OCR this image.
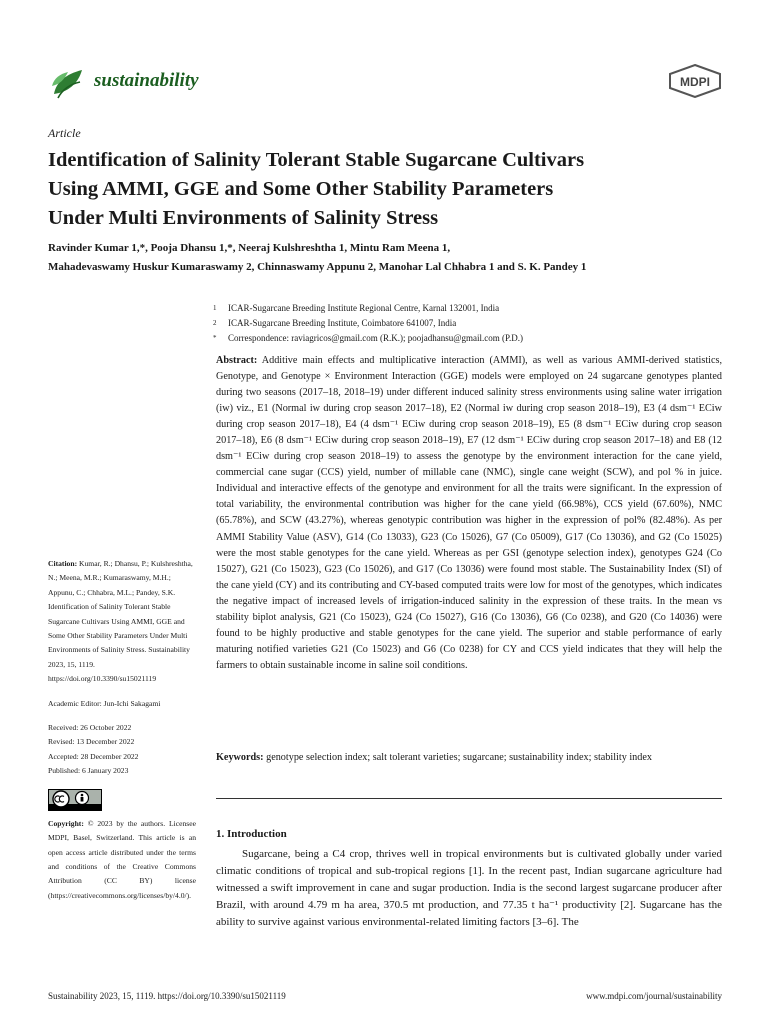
sustainability	MDPI
Article
Identification of Salinity Tolerant Stable Sugarcane Cultivars
Using AMMI, GGE and Some Other Stability Parameters
Under Multi Environments of Salinity Stress
Ravinder Kumar 1,*, Pooja Dhansu 1,*, Neeraj Kulshreshtha 1, Mintu Ram Meena 1,
Mahadevaswamy Huskur Kumaraswamy 2, Chinnaswamy Appunu 2, Manohar Lal Chhabra 1 and S. K. Pandey 1
1	ICAR-Sugarcane Breeding Institute Regional Centre, Karnal 132001, India
2	ICAR-Sugarcane Breeding Institute, Coimbatore 641007, India
*	Correspondence: raviagricos@gmail.com (R.K.); poojadhansu@gmail.com (P.D.)

Abstract: Additive main effects and multiplicative interaction (AMMI), as well as various AMMI-derived statistics, Genotype, and Genotype × Environment Interaction (GGE) models were employed on 24 sugarcane genotypes planted during two seasons (2017–18, 2018–19) under different induced salinity stress environments using saline water irrigation (iw) viz., E1 (Normal iw during crop season 2017–18), E2 (Normal iw during crop season 2018–19), E3 (4 dsm⁻¹ ECiw during crop season 2017–18), E4 (4 dsm⁻¹ ECiw during crop season 2018–19), E5 (8 dsm⁻¹ ECiw during crop season 2017–18), E6 (8 dsm⁻¹ ECiw during crop season 2018–19), E7 (12 dsm⁻¹ ECiw during crop season 2017–18) and E8 (12 dsm⁻¹ ECiw during crop season 2018–19) to assess the genotype by the environment interaction for the cane yield, commercial cane sugar (CCS) yield, number of millable cane (NMC), single cane weight (SCW), and pol % in juice. Individual and interactive effects of the genotype and environment for all the traits were significant. In the expression of total variability, the environmental contribution was higher for the cane yield (66.98%), CCS yield (67.60%), NMC (65.78%), and SCW (43.27%), whereas genotypic contribution was higher in the expression of pol% (82.48%). As per AMMI Stability Value (ASV), G14 (Co 13033), G23 (Co 15026), G7 (Co 05009), G17 (Co 13036), and G2 (Co 15025) were the most stable genotypes for the cane yield. Whereas as per GSI (genotype selection index), genotypes G24 (Co 15027), G21 (Co 15023), G23 (Co 15026), and G17 (Co 13036) were found most stable. The Sustainability Index (SI) of the cane yield (CY) and its contributing and CY-based computed traits were low for most of the genotypes, which indicates the negative impact of increased levels of irrigation-induced salinity in the expression of these traits. In the mean vs stability biplot analysis, G21 (Co 15023), G24 (Co 15027), G16 (Co 13036), G6 (Co 0238), and G20 (Co 14036) were found to be highly productive and stable genotypes for the cane yield. The superior and stable performance of early maturing notified varieties G21 (Co 15023) and G6 (Co 0238) for CY and CCS yield indicates that they will help the farmers to obtain sustainable income in saline soil conditions.

Keywords: genotype selection index; salt tolerant varieties; sugarcane; sustainability index; stability index

Citation: Kumar, R.; Dhansu, P.; Kulshreshtha, N.; Meena, M.R.; Kumaraswamy, M.H.; Appunu, C.; Chhabra, M.L.; Pandey, S.K. Identification of Salinity Tolerant Stable Sugarcane Cultivars Using AMMI, GGE and Some Other Stability Parameters Under Multi Environments of Salinity Stress. Sustainability 2023, 15, 1119. https://doi.org/10.3390/su15021119

Academic Editor: Jun-Ichi Sakagami

Received: 26 October 2022

Revised: 13 December 2022

Accepted: 28 December 2022

Published: 6 January 2023

Copyright: © 2023 by the authors. Licensee MDPI, Basel, Switzerland. This article is an open access article distributed under the terms and conditions of the Creative Commons Attribution (CC BY) license (https://creativecommons.org/licenses/by/4.0/).

1. Introduction

Sugarcane, being a C4 crop, thrives well in tropical environments but is cultivated globally under varied climatic conditions of tropical and sub-tropical regions [1]. In the recent past, Indian sugarcane agriculture had witnessed a swift improvement in cane and sugar production. India is the second largest sugarcane producer after Brazil, with around 4.79 m ha area, 370.5 mt production, and 77.35 t ha⁻¹ productivity [2]. Sugarcane has the ability to survive against various environmental-related limiting factors [3–6]. The

Sustainability 2023, 15, 1119. https://doi.org/10.3390/su15021119	www.mdpi.com/journal/sustainability
